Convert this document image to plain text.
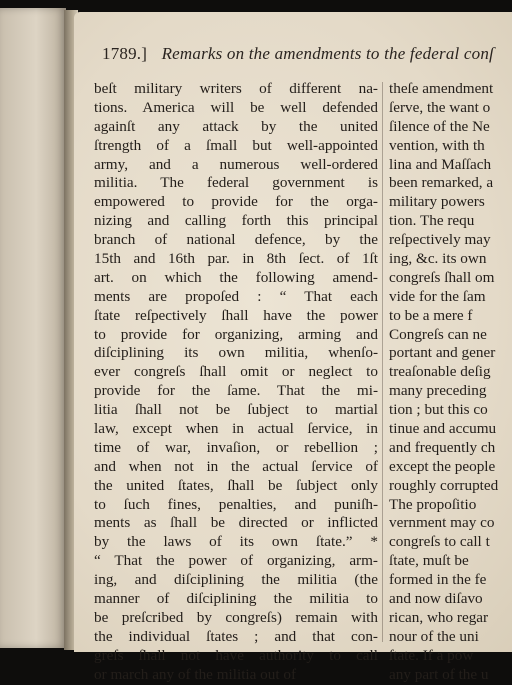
1789.] Remarks on the amendments to the federal conſ
beſt military writers of different na-
tions. America will be well defended
againſt any attack by the united
ſtrength of a ſmall but well-appointed
army, and a numerous well-ordered
militia. The federal government is
empowered to provide for the orga-
nizing and calling forth this principal
branch of national defence, by the
15th and 16th par. in 8th ſect. of 1ſt
art. on which the following amend-
ments are propoſed : “ That each
ſtate reſpectively ſhall have the power
to provide for organizing, arming and
diſciplining its own militia, whenſo-
ever congreſs ſhall omit or neglect to
provide for the ſame. That the mi-
litia ſhall not be ſubject to martial
law, except when in actual ſervice, in
time of war, invaſion, or rebellion ;
and when not in the actual ſervice of
the united ſtates, ſhall be ſubject only
to ſuch fines, penalties, and puniſh-
ments as ſhall be directed or inflicted
by the laws of its own ſtate.” *
“ That the power of organizing, arm-
ing, and diſciplining the militia (the
manner of diſciplining the militia to
be preſcribed by congreſs) remain with
the individual ſtates ; and that con-
greſs ſhall not have authority to call
or march any of the militia out of
theſe amendment
ſerve, the want o
ſilence of the Ne
vention, with th
lina and Maſſach
been remarked, a
military powers
tion. The requ
reſpectively may
ing, &c. its own
congreſs ſhall om
vide for the ſam
to be a mere f
Congreſs can ne
portant and gener
treaſonable deſig
many preceding
tion ; but this co
tinue and accumu
and frequently ch
except the people
roughly corrupted
The propoſitio
vernment may co
congreſs to call t
ſtate, muſt be
formed in the fe
and now diſavo
rican, who regar
nour of the uni
ſtate. If a pow
any part of the u
